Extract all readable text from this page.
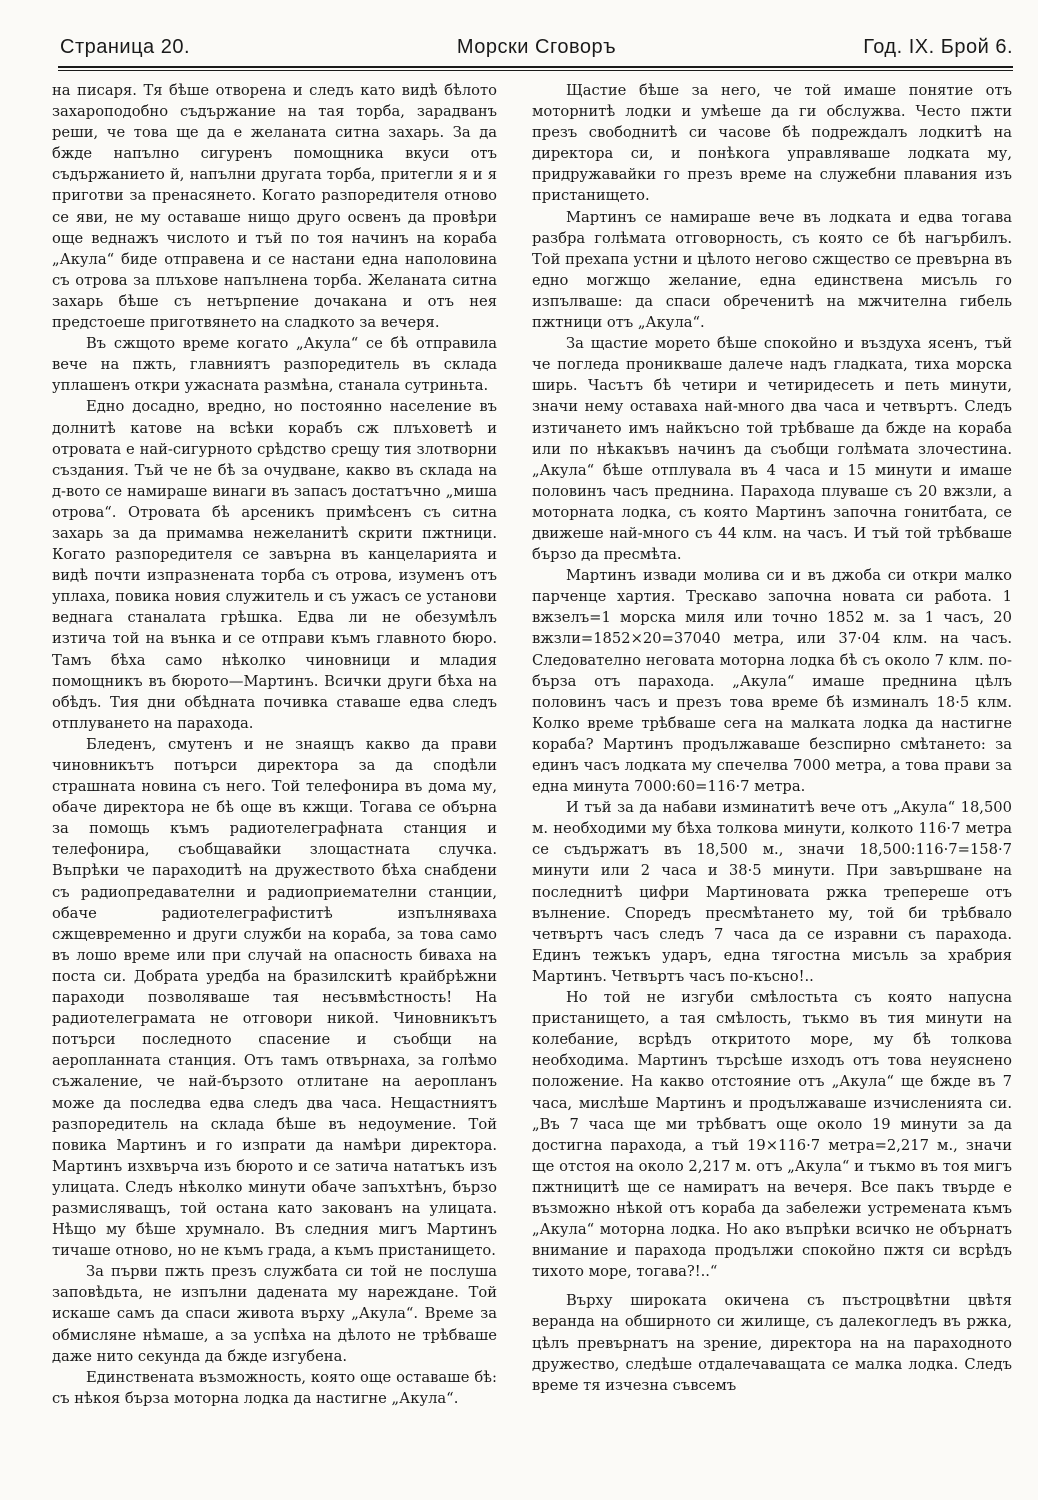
Страница 20.	Морски Сговоръ	Год. IX. Брой 6.

на писаря. Тя бѣше отворена и следъ като видѣ бѣлото захароподобно съдържание на тая торба, зарадванъ реши, че това ще да е желаната ситна захарь. За да бжде напълно сигуренъ помощника вкуси отъ съдържанието й, напълни другата торба, притегли я и я приготви за пренасянето. Когато разпоредителя отново се яви, не му оставаше нищо друго освенъ да провѣри още веднажъ числото и тъй по тоя начинъ на кораба „Акула“ биде отправена и се настани една наполовина съ отрова за плъхове напълнена торба. Желаната ситна захарь бѣше съ нетърпение дочакана и отъ нея предстоеше приготвянето на сладкото за вечеря.

Въ сжщото време когато „Акула“ се бѣ отправила вече на пжть, главниятъ разпоредитель въ склада уплашенъ откри ужасната размѣна, станала сутриньта.

Едно досадно, вредно, но постоянно население въ долнитѣ катове на всѣки корабъ сж плъховетѣ и отровата е най-сигурното срѣдство срещу тия злотворни създания. Тъй че не бѣ за очудване, какво въ склада на д-вото се намираше винаги въ запасъ достатъчно „миша отрова“. Отровата бѣ арсеникъ примѣсенъ съ ситна захарь за да примамва нежеланитѣ скрити пжтници. Когато разпоредителя се завърна въ канцеларията и видѣ почти изпразнената торба съ отрова, изуменъ отъ уплаха, повика новия служитель и съ ужасъ се установи веднага станалата грѣшка. Едва ли не обезумѣлъ изтича той на вънка и се отправи къмъ главното бюро. Тамъ бѣха само нѣколко чиновници и младия помощникъ въ бюрото—Мартинъ. Всички други бѣха на обѣдъ. Тия дни обѣдната почивка ставаше едва следъ отплуването на парахода.

Бледенъ, смутенъ и не знаящъ какво да прави чиновникътъ потърси директора за да сподѣли страшната новина съ него. Той телефонира въ дома му, обаче директора не бѣ още въ кжщи. Тогава се обърна за помощь къмъ радиотелеграфната станция и телефонира, съобщавайки злощастната случка. Въпрѣки че параходитѣ на дружеството бѣха снабдени съ радиопредавателни и радиоприемателни станции, обаче радиотелеграфиститѣ изпълняваха сжщевременно и други служби на кораба, за това само въ лошо време или при случай на опасность биваха на поста си. Добрата уредба на бразилскитѣ крайбрѣжни параходи позволяваше тая несъвмѣстность! На радиотелеграмата не отговори никой. Чиновникътъ потърси последното спасение и съобщи на аеропланната станция. Отъ тамъ отвърнаха, за голѣмо съжаление, че най-бързото отлитане на аеропланъ може да последва едва следъ два часа. Нещастниятъ разпоредитель на склада бѣше въ недоумение. Той повика Мартинъ и го изпрати да намѣри директора. Мартинъ изхвърча изъ бюрото и се затича нататъкъ изъ улицата. Следъ нѣколко минути обаче запъхтѣнъ, бързо размисляващъ, той остана като закованъ на улицата. Нѣщо му бѣше хрумнало. Въ следния мигъ Мартинъ тичаше отново, но не къмъ града, а къмъ пристанището.

За първи пжть презъ службата си той не послуша заповѣдьта, не изпълни дадената му нареждане. Той искаше самъ да спаси живота върху „Акула“. Време за обмисляне нѣмаше, а за успѣха на дѣлото не трѣбваше даже нито секунда да бжде изгубена.

Единствената възможность, която още оставаше бѣ: съ нѣкоя бърза моторна лодка да настигне „Акула“.

Щастие бѣше за него, че той имаше понятие отъ моторнитѣ лодки и умѣеше да ги обслужва. Често пжти презъ свободнитѣ си часове бѣ подреждалъ лодкитѣ на директора си, и понѣкога управляваше лодката му, придружавайки го презъ време на служебни плавания изъ пристанището.

Мартинъ се намираше вече въ лодката и едва тогава разбра голѣмата отговорность, съ която се бѣ нагърбилъ. Той прехапа устни и цѣлото негово сжщество се превърна въ едно могжщо желание, една единствена мисъль го изпълваше: да спаси обреченитѣ на мжчителна гибель пжтници отъ „Акула“.

За щастие морето бѣше спокойно и въздуха ясенъ, тъй че погледа проникваше далече надъ гладката, тиха морска ширь. Часътъ бѣ четири и четиридесеть и петь минути, значи нему оставаха най-много два часа и четвъртъ. Следъ изтичането имъ найкъсно той трѣбваше да бжде на кораба или по нѣкакъвъ начинъ да съобщи голѣмата злочестина. „Акула“ бѣше отплувала въ 4 часа и 15 минути и имаше половинъ часъ преднина. Парахода плуваше съ 20 вжзли, а моторната лодка, съ която Мартинъ започна гонитбата, се движеше най-много съ 44 клм. на часъ. И тъй той трѣбваше бързо да пресмѣта.

Мартинъ извади молива си и въ джоба си откри малко парченце хартия. Трескаво започна новата си работа. 1 вжзелъ=1 морска миля или точно 1852 м. за 1 часъ, 20 вжзли=1852×20=37040 метра, или 37·04 клм. на часъ. Следователно неговата моторна лодка бѣ съ около 7 клм. по-бърза отъ парахода. „Акула“ имаше преднина цѣлъ половинъ часъ и презъ това време бѣ изминалъ 18·5 клм. Колко време трѣбваше сега на малката лодка да настигне кораба? Мартинъ продължаваше безспирно смѣтането: за единъ часъ лодката му спечелва 7000 метра, а това прави за една минута 7000:60=116·7 метра.

И тъй за да набави изминатитѣ вече отъ „Акула“ 18,500 м. необходими му бѣха толкова минути, колкото 116·7 метра се съдържатъ въ 18,500 м., значи 18,500:116·7=158·7 минути или 2 часа и 38·5 минути. При завършване на последнитѣ цифри Мартиновата ржка трепереше отъ вълнение. Споредъ пресмѣтането му, той би трѣбвало четвъртъ часъ следъ 7 часа да се изравни съ парахода. Единъ тежъкъ ударъ, една тягостна мисъль за храбрия Мартинъ. Четвъртъ часъ по-късно!..

Но той не изгуби смѣлостьта съ която напусна пристанището, а тая смѣлость, тъкмо въ тия минути на колебание, всрѣдъ откритото море, му бѣ толкова необходима. Мартинъ търсѣше изходъ отъ това неуяснено положение. На какво отстояние отъ „Акула“ ще бжде въ 7 часа, мислѣше Мартинъ и продължаваше изчисленията си. „Въ 7 часа ще ми трѣбватъ още около 19 минути за да достигна парахода, а тъй 19×116·7 метра=2,217 м., значи ще отстоя на около 2,217 м. отъ „Акула“ и тъкмо въ тоя мигъ пжтницитѣ ще се намиратъ на вечеря. Все пакъ твърде е възможно нѣкой отъ кораба да забележи устремената къмъ „Акула“ моторна лодка. Но ако въпрѣки всичко не обърнатъ внимание и парахода продължи спокойно пжтя си всрѣдъ тихото море, тогава?!..“

Върху широката окичена съ пъстроцвѣтни цвѣтя веранда на обширното си жилище, съ далекогледъ въ ржка, цѣлъ превърнатъ на зрение, директора на на параходното дружество, следѣше отдалечаващата се малка лодка. Следъ време тя изчезна съвсемъ
